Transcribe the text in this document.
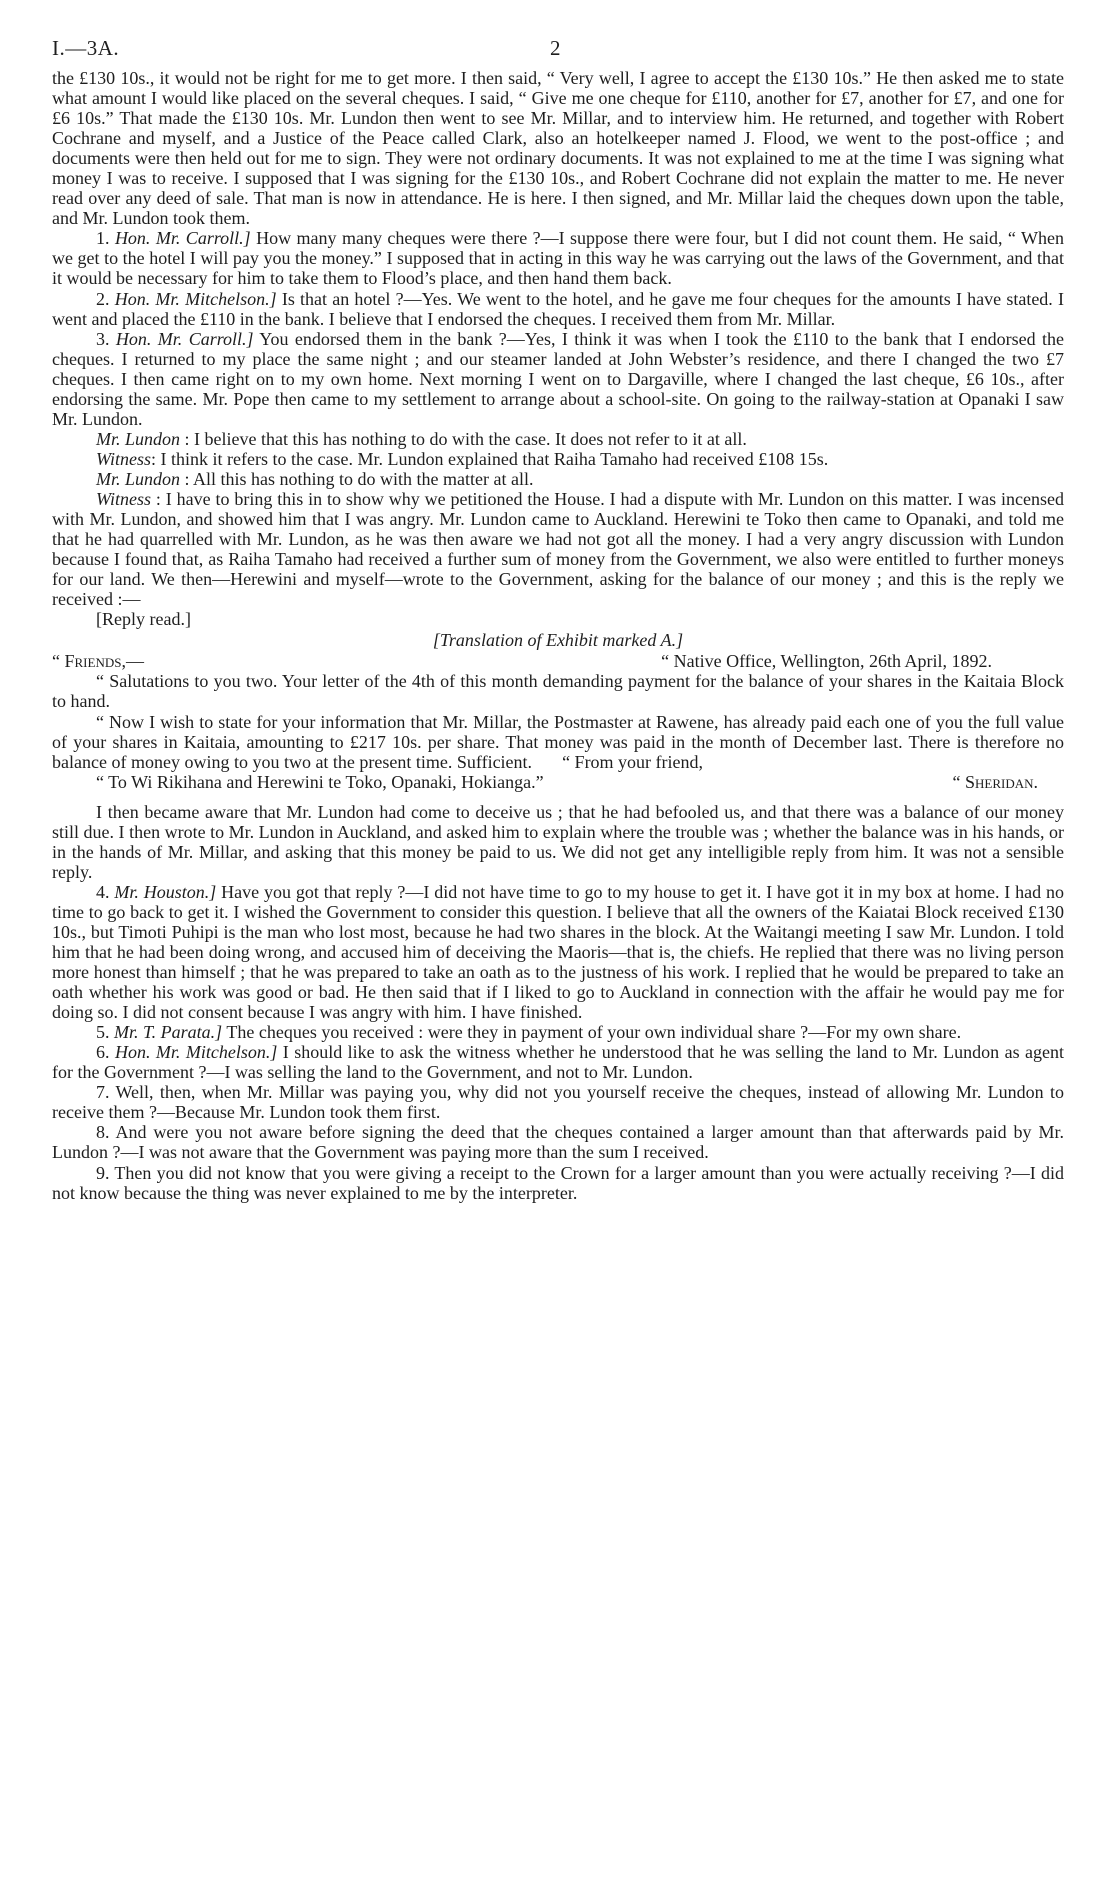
I.—3A.	2

the £130 10s., it would not be right for me to get more. I then said, “ Very well, I agree to accept the £130 10s.” He then asked me to state what amount I would like placed on the several cheques. I said, “ Give me one cheque for £110, another for £7, another for £7, and one for £6 10s.” That made the £130 10s. Mr. Lundon then went to see Mr. Millar, and to interview him. He returned, and together with Robert Cochrane and myself, and a Justice of the Peace called Clark, also an hotelkeeper named J. Flood, we went to the post-office ; and documents were then held out for me to sign. They were not ordinary documents. It was not explained to me at the time I was signing what money I was to receive. I supposed that I was signing for the £130 10s., and Robert Cochrane did not explain the matter to me. He never read over any deed of sale. That man is now in attendance. He is here. I then signed, and Mr. Millar laid the cheques down upon the table, and Mr. Lundon took them.

1. Hon. Mr. Carroll.] How many many cheques were there ?—I suppose there were four, but I did not count them. He said, “ When we get to the hotel I will pay you the money.” I supposed that in acting in this way he was carrying out the laws of the Government, and that it would be necessary for him to take them to Flood’s place, and then hand them back.

2. Hon. Mr. Mitchelson.] Is that an hotel ?—Yes. We went to the hotel, and he gave me four cheques for the amounts I have stated. I went and placed the £110 in the bank. I believe that I endorsed the cheques. I received them from Mr. Millar.

3. Hon. Mr. Carroll.] You endorsed them in the bank ?—Yes, I think it was when I took the £110 to the bank that I endorsed the cheques. I returned to my place the same night ; and our steamer landed at John Webster’s residence, and there I changed the two £7 cheques. I then came right on to my own home. Next morning I went on to Dargaville, where I changed the last cheque, £6 10s., after endorsing the same. Mr. Pope then came to my settlement to arrange about a school-site. On going to the railway-station at Opanaki I saw Mr. Lundon.

Mr. Lundon : I believe that this has nothing to do with the case. It does not refer to it at all.

Witness: I think it refers to the case. Mr. Lundon explained that Raiha Tamaho had received £108 15s.

Mr. Lundon : All this has nothing to do with the matter at all.

Witness : I have to bring this in to show why we petitioned the House. I had a dispute with Mr. Lundon on this matter. I was incensed with Mr. Lundon, and showed him that I was angry. Mr. Lundon came to Auckland. Herewini te Toko then came to Opanaki, and told me that he had quarrelled with Mr. Lundon, as he was then aware we had not got all the money. I had a very angry discussion with Lundon because I found that, as Raiha Tamaho had received a further sum of money from the Government, we also were entitled to further moneys for our land. We then—Herewini and myself—wrote to the Government, asking for the balance of our money ; and this is the reply we received :—

[Reply read.]

[Translation of Exhibit marked A.]

“ Friends,—	“ Native Office, Wellington, 26th April, 1892.

“ Salutations to you two. Your letter of the 4th of this month demanding payment for the balance of your shares in the Kaitaia Block to hand.

“ Now I wish to state for your information that Mr. Millar, the Postmaster at Rawene, has already paid each one of you the full value of your shares in Kaitaia, amounting to £217 10s. per share. That money was paid in the month of December last. There is therefore no balance of money owing to you two at the present time. Sufficient. “ From your friend,

“ To Wi Rikihana and Herewini te Toko, Opanaki, Hokianga.”	“ Sheridan.

I then became aware that Mr. Lundon had come to deceive us ; that he had befooled us, and that there was a balance of our money still due. I then wrote to Mr. Lundon in Auckland, and asked him to explain where the trouble was ; whether the balance was in his hands, or in the hands of Mr. Millar, and asking that this money be paid to us. We did not get any intelligible reply from him. It was not a sensible reply.

4. Mr. Houston.] Have you got that reply ?—I did not have time to go to my house to get it. I have got it in my box at home. I had no time to go back to get it. I wished the Government to consider this question. I believe that all the owners of the Kaiatai Block received £130 10s., but Timoti Puhipi is the man who lost most, because he had two shares in the block. At the Waitangi meeting I saw Mr. Lundon. I told him that he had been doing wrong, and accused him of deceiving the Maoris—that is, the chiefs. He replied that there was no living person more honest than himself ; that he was prepared to take an oath as to the justness of his work. I replied that he would be prepared to take an oath whether his work was good or bad. He then said that if I liked to go to Auckland in connection with the affair he would pay me for doing so. I did not consent because I was angry with him. I have finished.

5. Mr. T. Parata.] The cheques you received : were they in payment of your own individual share ?—For my own share.

6. Hon. Mr. Mitchelson.] I should like to ask the witness whether he understood that he was selling the land to Mr. Lundon as agent for the Government ?—I was selling the land to the Government, and not to Mr. Lundon.

7. Well, then, when Mr. Millar was paying you, why did not you yourself receive the cheques, instead of allowing Mr. Lundon to receive them ?—Because Mr. Lundon took them first.

8. And were you not aware before signing the deed that the cheques contained a larger amount than that afterwards paid by Mr. Lundon ?—I was not aware that the Government was paying more than the sum I received.

9. Then you did not know that you were giving a receipt to the Crown for a larger amount than you were actually receiving ?—I did not know because the thing was never explained to me by the interpreter.
